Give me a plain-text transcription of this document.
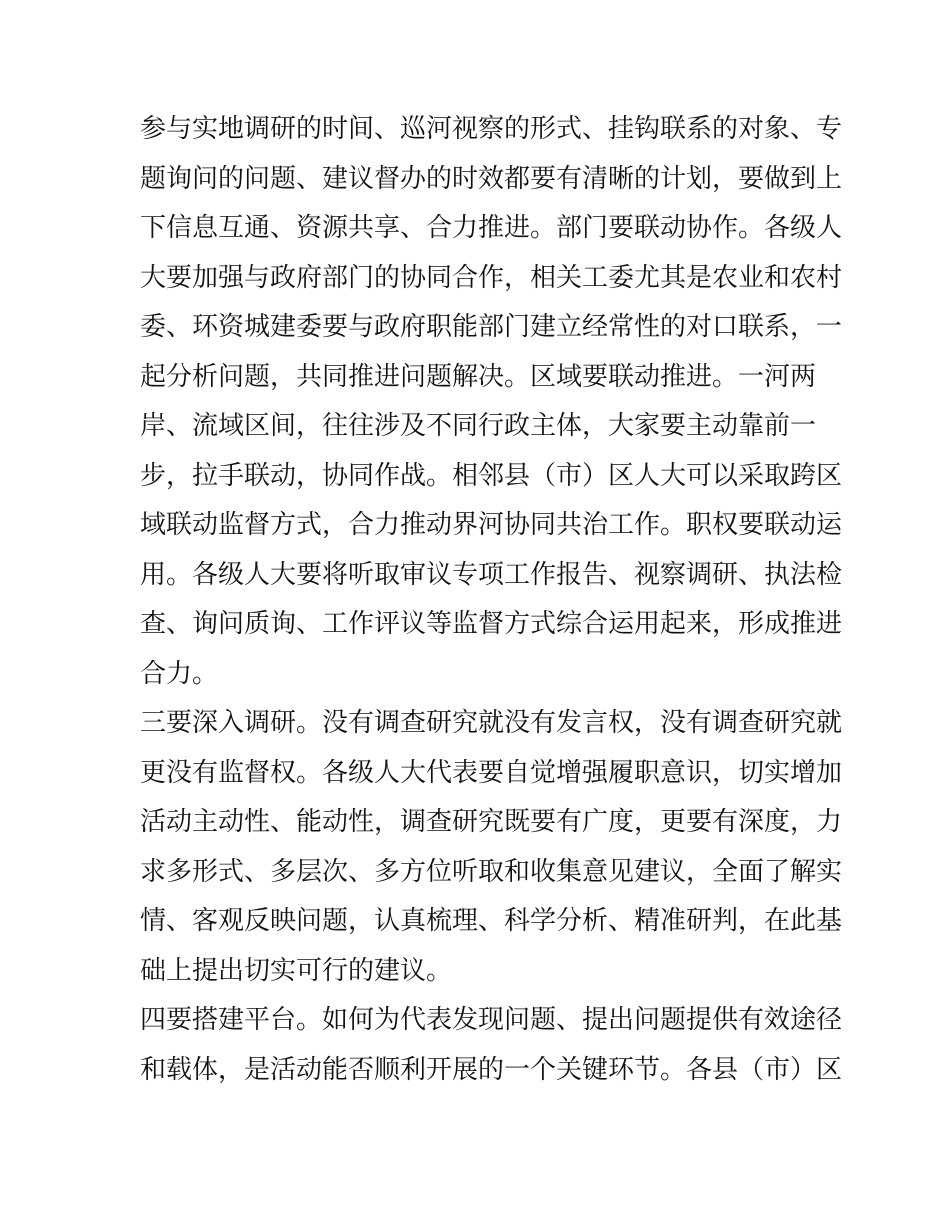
参与实地调研的时间、巡河视察的形式、挂钩联系的对象、专
题询问的问题、建议督办的时效都要有清晰的计划，要做到上
下信息互通、资源共享、合力推进。部门要联动协作。各级人
大要加强与政府部门的协同合作，相关工委尤其是农业和农村
委、环资城建委要与政府职能部门建立经常性的对口联系，一
起分析问题，共同推进问题解决。区域要联动推进。一河两
岸、流域区间，往往涉及不同行政主体，大家要主动靠前一
步，拉手联动，协同作战。相邻县（市）区人大可以采取跨区
域联动监督方式，合力推动界河协同共治工作。职权要联动运
用。各级人大要将听取审议专项工作报告、视察调研、执法检
查、询问质询、工作评议等监督方式综合运用起来，形成推进
合力。
三要深入调研。没有调查研究就没有发言权，没有调查研究就
更没有监督权。各级人大代表要自觉增强履职意识，切实增加
活动主动性、能动性，调查研究既要有广度，更要有深度，力
求多形式、多层次、多方位听取和收集意见建议，全面了解实
情、客观反映问题，认真梳理、科学分析、精准研判，在此基
础上提出切实可行的建议。
四要搭建平台。如何为代表发现问题、提出问题提供有效途径
和载体，是活动能否顺利开展的一个关键环节。各县（市）区
